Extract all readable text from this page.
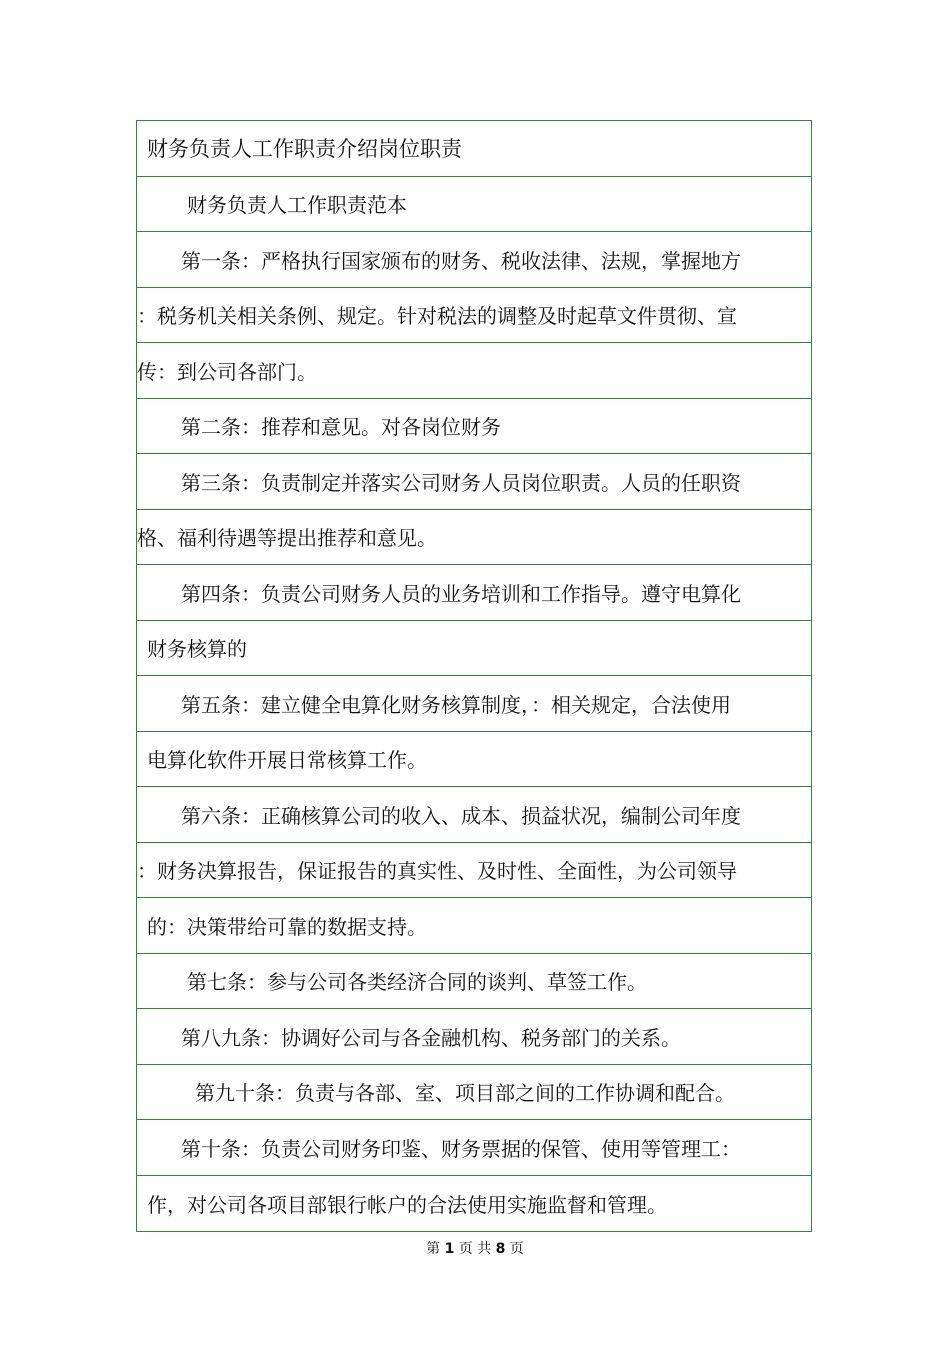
财务负责人工作职责介绍岗位职责
财务负责人工作职责范本
第一条：严格执行国家颁布的财务、税收法律、法规，掌握地方
：税务机关相关条例、规定。针对税法的调整及时起草文件贯彻、宣
传：到公司各部门。
第二条：推荐和意见。对各岗位财务
第三条：负责制定并落实公司财务人员岗位职责。人员的任职资
格、福利待遇等提出推荐和意见。
第四条：负责公司财务人员的业务培训和工作指导。遵守电算化
财务核算的
第五条：建立健全电算化财务核算制度，：相关规定，合法使用
电算化软件开展日常核算工作。
第六条：正确核算公司的收入、成本、损益状况，编制公司年度
：财务决算报告，保证报告的真实性、及时性、全面性，为公司领导
的：决策带给可靠的数据支持。
第七条：参与公司各类经济合同的谈判、草签工作。
第八九条：协调好公司与各金融机构、税务部门的关系。
第九十条：负责与各部、室、项目部之间的工作协调和配合。
第十条：负责公司财务印鉴、财务票据的保管、使用等管理工：
作，对公司各项目部银行帐户的合法使用实施监督和管理。
第 1 页 共 8 页
